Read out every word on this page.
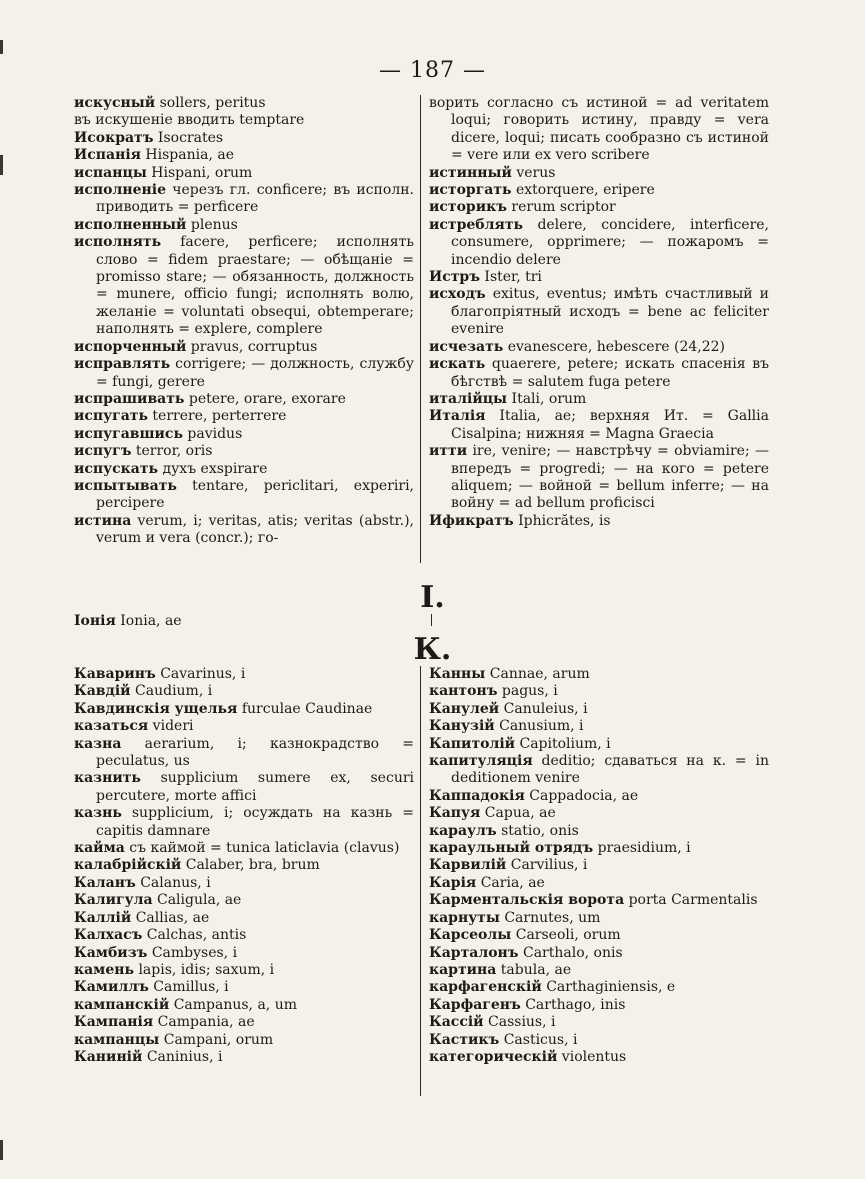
— 187 —

искусный sollers, peritus

въ искушеніе вводить temptare

Исократъ Isocrates

Испанія Hispania, ae

испанцы Hispani, orum

исполненіе черезъ гл. conficere; въ исполн. приводить = perficere

исполненный plenus

исполнять facere, perficere; исполнять слово = fidem praestare; — обѣщаніе = promisso stare; — обязанность, должность = munere, officio fungi; исполнять волю, желаніе = voluntati obsequi, obtemperare; наполнять = explere, complere

испорченный pravus, corruptus

исправлять corrigere; — должность, службу = fungi, gerere

испрашивать petere, orare, exorare

испугать terrere, perterrere

испугавшись pavidus

испугъ terror, oris

испускать духъ exspirare

испытывать tentare, periclitari, experiri, percipere

истина verum, i; veritas, atis; veritas (abstr.), verum и vera (concr.); го-

ворить согласно съ истиной = ad veritatem loqui; говорить истину, правду = vera dicere, loqui; писать сообразно съ истиной = vere или ex vero scribere

истинный verus

исторгать extorquere, eripere

историкъ rerum scriptor

истреблять delere, concidere, interficere, consumere, opprimere; — пожаромъ = incendio delere

Истръ Ister, tri

исходъ exitus, eventus; имѣть счастливый и благопріятный исходъ = bene ac feliciter evenire

исчезать evanescere, hebescere (24,22)

искать quaerere, petere; искать спасенія въ бѣгствѣ = salutem fuga petere

италійцы Itali, orum

Италія Italia, ae; верхняя Ит. = Gallia Cisalpina; нижняя = Magna Graecia

итти ire, venire; — навстрѣчу = obviamire; — впередъ = progredi; — на кого = petere aliquem; — войной = bellum inferre; — на войну = ad bellum proficisci

Ификратъ Iphicrătes, is

I.
Іонія Ionia, ae
К.

Каваринъ Cavarinus, i

Кавдій Caudium, i

Кавдинскія ущелья furculae Caudinae

казаться videri

казна aerarium, i; казнокрадство = peculatus, us

казнить supplicium sumere ex, securi percutere, morte affici

казнь supplicium, i; осуждать на казнь = capitis damnare

кайма съ каймой = tunica laticlavia (clavus)

калабрійскій Calaber, bra, brum

Каланъ Calanus, i

Калигула Caligula, ae

Каллій Callias, ae

Калхасъ Calchas, antis

Камбизъ Cambyses, i

камень lapis, idis; saxum, i

Камиллъ Camillus, i

кампанскій Campanus, a, um

Кампанія Campania, ae

кампанцы Campani, orum

Каниній Caninius, i

Канны Cannae, arum

кантонъ pagus, i

Канулей Canuleius, i

Канузій Canusium, i

Капитолій Capitolium, i

капитуляція deditio; сдаваться на к. = in deditionem venire

Каппадокія Cappadocia, ae

Капуя Capua, ae

караулъ statio, onis

караульный отрядъ praesidium, i

Карвилій Carvilius, i

Карія Caria, ae

Карментальскія ворота porta Carmentalis

карнуты Carnutes, um

Карсеолы Carseoli, orum

Карталонъ Carthalo, onis

картина tabula, ae

карфагенскій Carthaginiensis, e

Карфагенъ Carthago, inis

Кассій Cassius, i

Кастикъ Casticus, i

категорическій violentus
